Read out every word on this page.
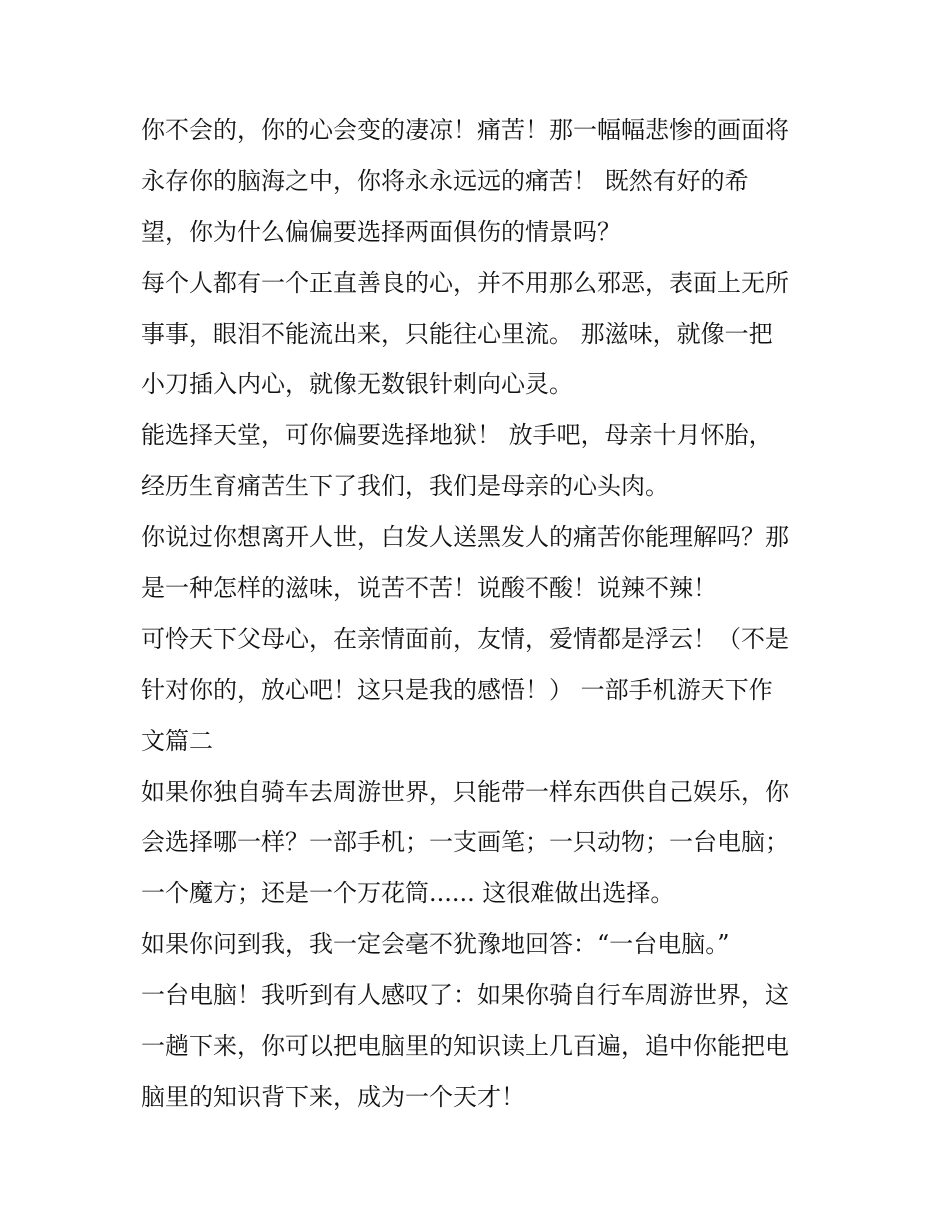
你不会的，你的心会变的凄凉！痛苦！那一幅幅悲惨的画面将
永存你的脑海之中，你将永永远远的痛苦！ 既然有好的希
望，你为什么偏偏要选择两面俱伤的情景吗？
每个人都有一个正直善良的心，并不用那么邪恶，表面上无所
事事，眼泪不能流出来，只能往心里流。 那滋味，就像一把
小刀插入内心，就像无数银针刺向心灵。
能选择天堂，可你偏要选择地狱！ 放手吧，母亲十月怀胎，
经历生育痛苦生下了我们，我们是母亲的心头肉。
你说过你想离开人世，白发人送黑发人的痛苦你能理解吗？那
是一种怎样的滋味，说苦不苦！说酸不酸！说辣不辣！
可怜天下父母心，在亲情面前，友情，爱情都是浮云！（不是
针对你的，放心吧！这只是我的感悟！） 一部手机游天下作
文篇二
如果你独自骑车去周游世界，只能带一样东西供自己娱乐，你
会选择哪一样？一部手机；一支画笔；一只动物；一台电脑；
一个魔方；还是一个万花筒...... 这很难做出选择。
如果你问到我，我一定会毫不犹豫地回答：“一台电脑。”
一台电脑！我听到有人感叹了：如果你骑自行车周游世界，这
一趟下来，你可以把电脑里的知识读上几百遍，追中你能把电
脑里的知识背下来，成为一个天才！
